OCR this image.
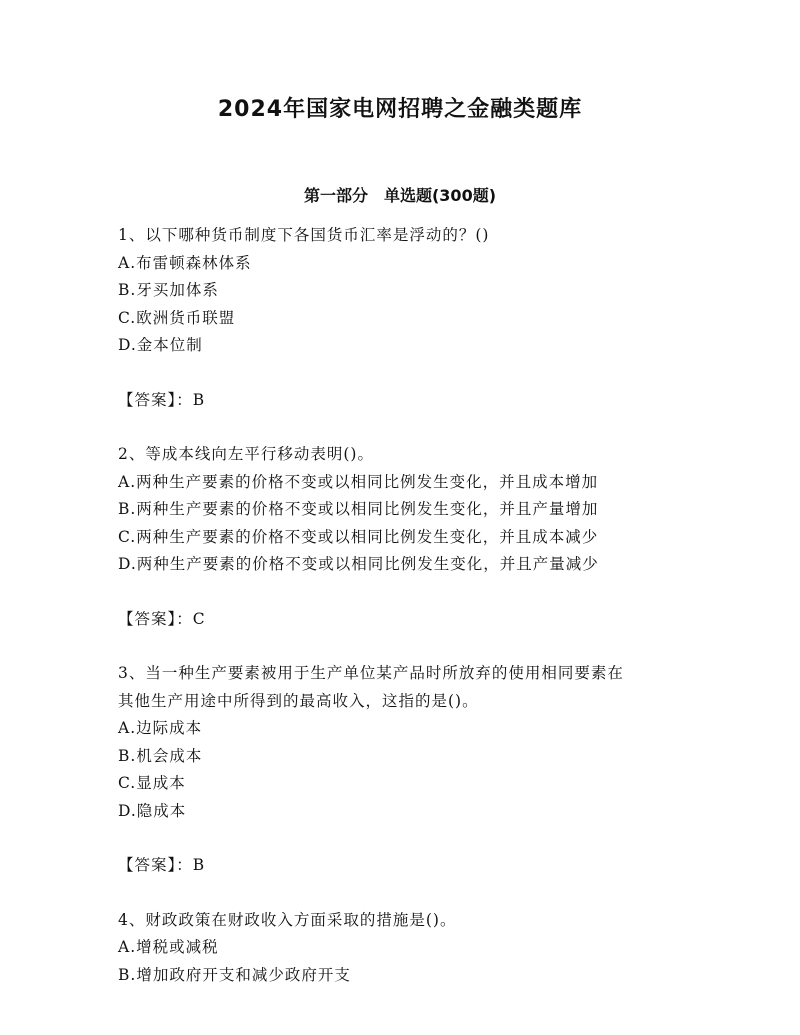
2024年国家电网招聘之金融类题库
第一部分　单选题(300题)
1、以下哪种货币制度下各国货币汇率是浮动的？()
A.布雷顿森林体系
B.牙买加体系
C.欧洲货币联盟
D.金本位制
【答案】：B
2、等成本线向左平行移动表明()。
A.两种生产要素的价格不变或以相同比例发生变化，并且成本增加
B.两种生产要素的价格不变或以相同比例发生变化，并且产量增加
C.两种生产要素的价格不变或以相同比例发生变化，并且成本减少
D.两种生产要素的价格不变或以相同比例发生变化，并且产量减少
【答案】：C
3、当一种生产要素被用于生产单位某产品时所放弃的使用相同要素在
其他生产用途中所得到的最高收入，这指的是()。
A.边际成本
B.机会成本
C.显成本
D.隐成本
【答案】：B
4、财政政策在财政收入方面采取的措施是()。
A.增税或减税
B.增加政府开支和减少政府开支
